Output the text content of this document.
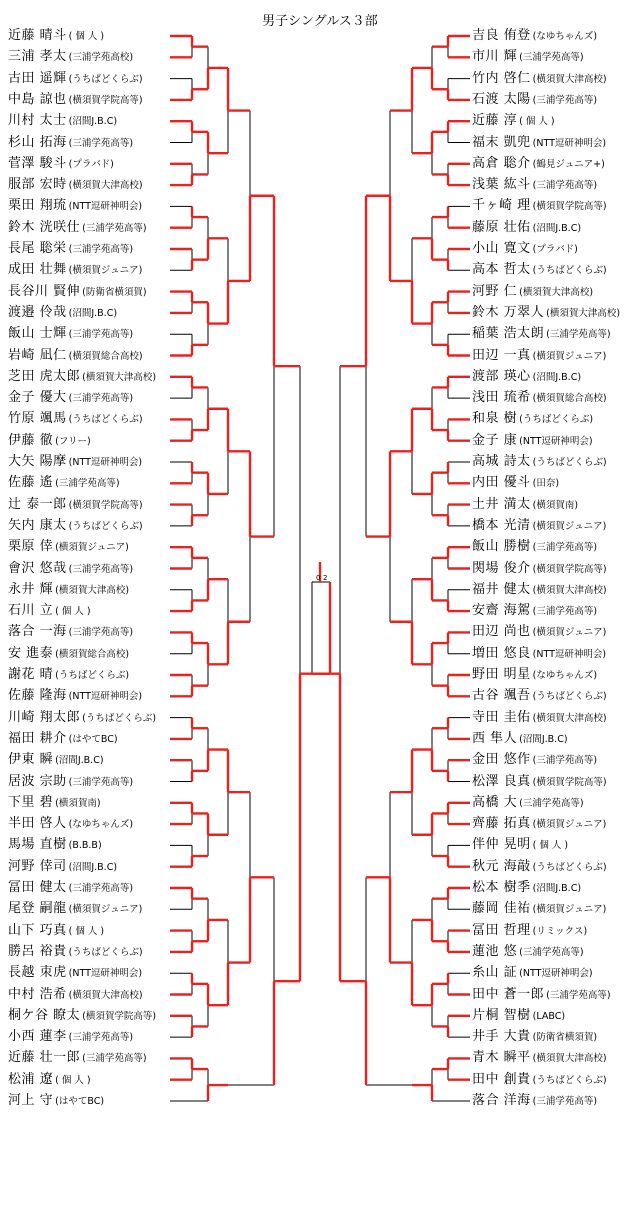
男子シングルス３部
近藤 晴斗 ( 個 人 )
三浦 孝太 (三浦学苑高校)
古田 遥輝 (うちばどくらぶ)
中島 諒也 (横須賀学院高等)
川村 太士 (沼間J.B.C)
杉山 拓海 (三浦学苑高等)
菅澤 駿斗 (プラバド)
服部 宏時 (横須賀大津高校)
栗田 翔琉 (NTT逗研神明会)
鈴木 洸咲仕 (三浦学苑高等)
長尾 聡栄 (三浦学苑高等)
成田 壮舞 (横須賀ジュニア)
長谷川 賢伸 (防衛省横須賀)
渡邉 伶哉 (沼間J.B.C)
飯山 士輝 (三浦学苑高等)
岩崎 凪仁 (横須賀総合高校)
芝田 虎太郎 (横須賀大津高校)
金子 優大 (三浦学苑高等)
竹原 颯馬 (うちばどくらぶ)
伊藤 徹 (フリー)
大矢 陽摩 (NTT逗研神明会)
佐藤 遙 (三浦学苑高等)
辻 泰一郎 (横須賀学院高等)
矢内 康太 (うちばどくらぶ)
栗原 倖 (横須賀ジュニア)
會沢 悠哉 (三浦学苑高等)
永井 輝 (横須賀大津高校)
石川 立 ( 個 人 )
落合 一海 (三浦学苑高等)
安 進泰 (横須賀総合高校)
謝花 晴 (うちばどくらぶ)
佐藤 隆海 (NTT逗研神明会)
川崎 翔太郎 (うちばどくらぶ)
福田 耕介 (はやてBC)
伊東 瞬 (沼間J.B.C)
居波 宗助 (三浦学苑高等)
下里 碧 (横須賀南)
半田 啓人 (なゆちゃんズ)
馬場 直樹 (B.B.B)
河野 倖司 (沼間J.B.C)
冨田 健太 (三浦学苑高等)
尾登 嗣龍 (横須賀ジュニア)
山下 巧真 ( 個 人 )
勝呂 裕貴 (うちばどくらぶ)
長越 朿虎 (NTT逗研神明会)
中村 浩希 (横須賀大津高校)
桐ケ谷 瞭太 (横須賀学院高等)
小西 蓮李 (三浦学苑高等)
近藤 壮一郎 (三浦学苑高等)
松浦 遼 ( 個 人 )
河上 守 (はやてBC)
吉良 侑登 (なゆちゃんズ)
市川 輝 (三浦学苑高等)
竹内 啓仁 (横須賀大津高校)
石渡 太陽 (三浦学苑高等)
近藤 淳 ( 個 人 )
福末 凱兜 (NTT逗研神明会)
高倉 聡介 (鶴見ジュニア+)
浅葉 紘斗 (三浦学苑高等)
千ヶ崎 理 (横須賀学院高等)
藤原 壮佑 (沼間J.B.C)
小山 寛文 (プラバド)
高本 哲太 (うちばどくらぶ)
河野 仁 (横須賀大津高校)
鈴木 万翠人 (横須賀大津高校)
稲葉 浩太朗 (三浦学苑高等)
田辺 一真 (横須賀ジュニア)
渡部 瑛心 (沼間J.B.C)
浅田 琉希 (横須賀総合高校)
和泉 樹 (うちばどくらぶ)
金子 康 (NTT逗研神明会)
高城 詩太 (うちばどくらぶ)
内田 優斗 (田奈)
土井 満太 (横須賀南)
橋本 光清 (横須賀ジュニア)
飯山 勝樹 (三浦学苑高等)
関場 俊介 (横須賀学院高等)
福井 健太 (横須賀大津高校)
安齋 海駕 (三浦学苑高等)
田辺 尚也 (横須賀ジュニア)
増田 悠良 (NTT逗研神明会)
野田 明星 (なゆちゃんズ)
古谷 颯吾 (うちばどくらぶ)
寺田 圭佑 (横須賀大津高校)
西 隼人 (沼間J.B.C)
金田 悠作 (三浦学苑高等)
松澤 良真 (横須賀学院高等)
高橋 大 (三浦学苑高等)
齊藤 拓真 (横須賀ジュニア)
伴仲 晃明 ( 個 人 )
秋元 海敲 (うちばどくらぶ)
松本 樹季 (沼間J.B.C)
藤岡 佳祐 (横須賀ジュニア)
冨田 哲理 (リミックス)
蓮池 悠 (三浦学苑高等)
糸山 証 (NTT逗研神明会)
田中 蒼一郎 (三浦学苑高等)
片桐 智樹 (LABC)
井手 大貴 (防衛省横須賀)
青木 瞬平 (横須賀大津高校)
田中 創貴 (うちばどくらぶ)
落合 洋海 (三浦学苑高等)
0 2
